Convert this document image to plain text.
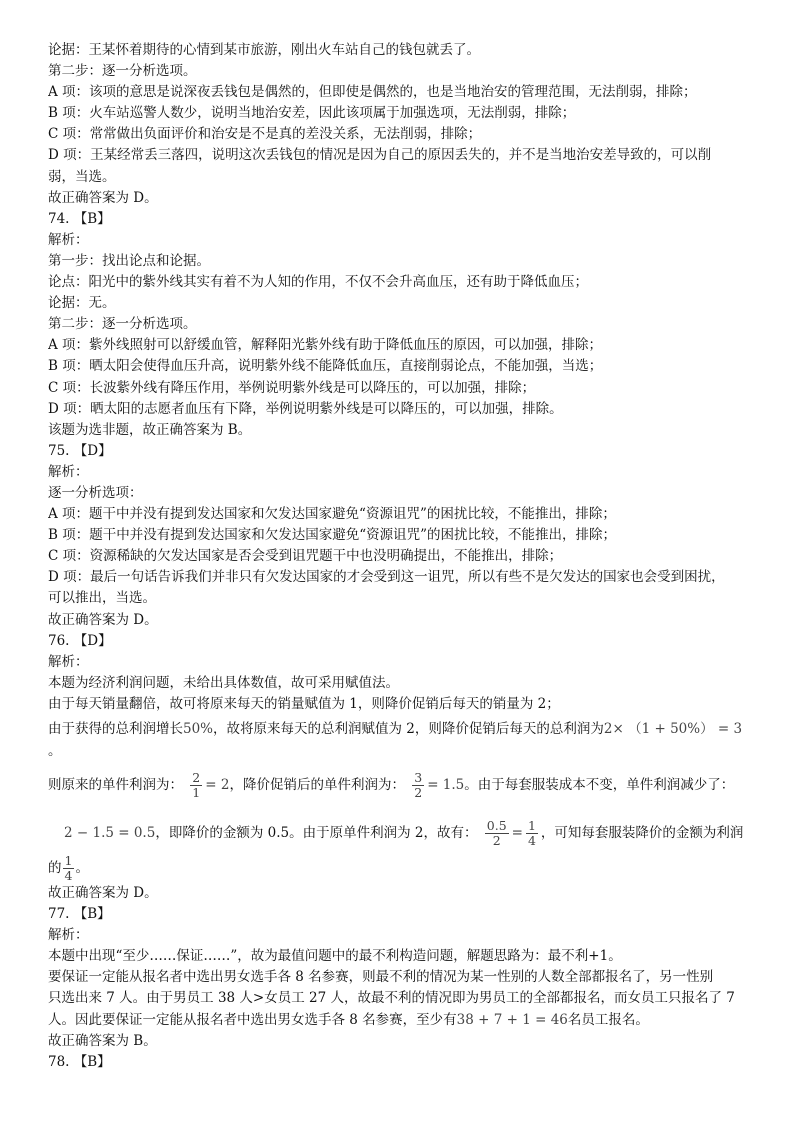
论据：王某怀着期待的心情到某市旅游，刚出火车站自己的钱包就丢了。
第二步：逐一分析选项。
A 项：该项的意思是说深夜丢钱包是偶然的，但即使是偶然的，也是当地治安的管理范围，无法削弱，排除；
B 项：火车站巡警人数少，说明当地治安差，因此该项属于加强选项，无法削弱，排除；
C 项：常常做出负面评价和治安是不是真的差没关系，无法削弱，排除；
D 项：王某经常丢三落四，说明这次丢钱包的情况是因为自己的原因丢失的，并不是当地治安差导致的，可以削
弱，当选。
故正确答案为 D。
74. 【B】
解析：
第一步：找出论点和论据。
论点：阳光中的紫外线其实有着不为人知的作用，不仅不会升高血压，还有助于降低血压；
论据：无。
第二步：逐一分析选项。
A 项：紫外线照射可以舒缓血管，解释阳光紫外线有助于降低血压的原因，可以加强，排除；
B 项：晒太阳会使得血压升高，说明紫外线不能降低血压，直接削弱论点，不能加强，当选；
C 项：长波紫外线有降压作用，举例说明紫外线是可以降压的，可以加强，排除；
D 项：晒太阳的志愿者血压有下降，举例说明紫外线是可以降压的，可以加强，排除。
该题为选非题，故正确答案为 B。
75. 【D】
解析：
逐一分析选项：
A 项：题干中并没有提到发达国家和欠发达国家避免“资源诅咒”的困扰比较，不能推出，排除；
B 项：题干中并没有提到发达国家和欠发达国家避免“资源诅咒”的困扰比较，不能推出，排除；
C 项：资源稀缺的欠发达国家是否会受到诅咒题干中也没明确提出，不能推出，排除；
D 项：最后一句话告诉我们并非只有欠发达国家的才会受到这一诅咒，所以有些不是欠发达的国家也会受到困扰，
可以推出，当选。
故正确答案为 D。
76. 【D】
解析：
本题为经济利润问题，未给出具体数值，故可采用赋值法。
由于每天销量翻倍，故可将原来每天的销量赋值为 1，则降价促销后每天的销量为 2；
由于获得的总利润增长50%，故将原来每天的总利润赋值为 2，则降价促销后每天的总利润为2× （1 + 50%） = 3
。
则原来的单件利润为： $\frac{2}{1} = 2$，降价促销后的单件利润为： $\frac{3}{2} = 1.5$。由于每套服装成本不变，单件利润减少了：
2 − 1.5 = 0.5，即降价的金额为 0.5。由于原单件利润为 2，故有： $\frac{0.5}{2} = \frac{1}{4}$ ，可知每套服装降价的金额为利润
的 $\frac{1}{4}$ 。
故正确答案为 D。
77. 【B】
解析：
本题中出现“至少……保证……”，故为最值问题中的最不利构造问题，解题思路为：最不利+1。
要保证一定能从报名者中选出男女选手各 8 名参赛，则最不利的情况为某一性别的人数全部都报名了，另一性别
只选出来 7 人。由于男员工 38 人>女员工 27 人，故最不利的情况即为男员工的全部都报名，而女员工只报名了 7
人。因此要保证一定能从报名者中选出男女选手各 8 名参赛，至少有38 + 7 + 1 = 46名员工报名。
故正确答案为 B。
78. 【B】
